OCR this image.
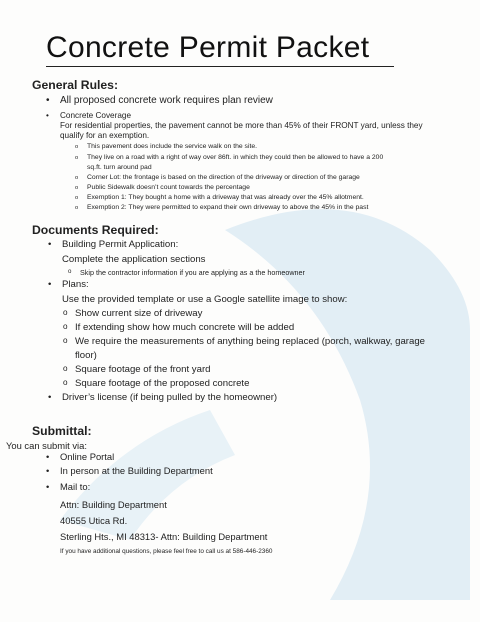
Concrete Permit Packet
General Rules:
• All proposed concrete work requires plan review
• Concrete Coverage
For residential properties, the pavement cannot be more than 45% of their FRONT yard, unless they
qualify for an exemption.
o This pavement does include the service walk on the site.
o They live on a road with a right of way over 86ft. in which they could then be allowed to have a 200
sq.ft. turn around pad
o Corner Lot: the frontage is based on the direction of the driveway or direction of the garage
o Public Sidewalk doesn’t count towards the percentage
o Exemption 1: They bought a home with a driveway that was already over the 45% allotment.
o Exemption 2: They were permitted to expand their own driveway to above the 45% in the past
Documents Required:
• Building Permit Application:
Complete the application sections
o Skip the contractor information if you are applying as a the homeowner
• Plans:
Use the provided template or use a Google satellite image to show:
o Show current size of driveway
o If extending show how much concrete will be added
o We require the measurements of anything being replaced (porch, walkway, garage
floor)
o Square footage of the front yard
o Square footage of the proposed concrete
• Driver’s license (if being pulled by the homeowner)
Submittal:
You can submit via:
• Online Portal
• In person at the Building Department
• Mail to:
Attn: Building Department
40555 Utica Rd.
Sterling Hts., MI 48313- Attn: Building Department
If you have additional questions, please feel free to call us at 586-446-2360
